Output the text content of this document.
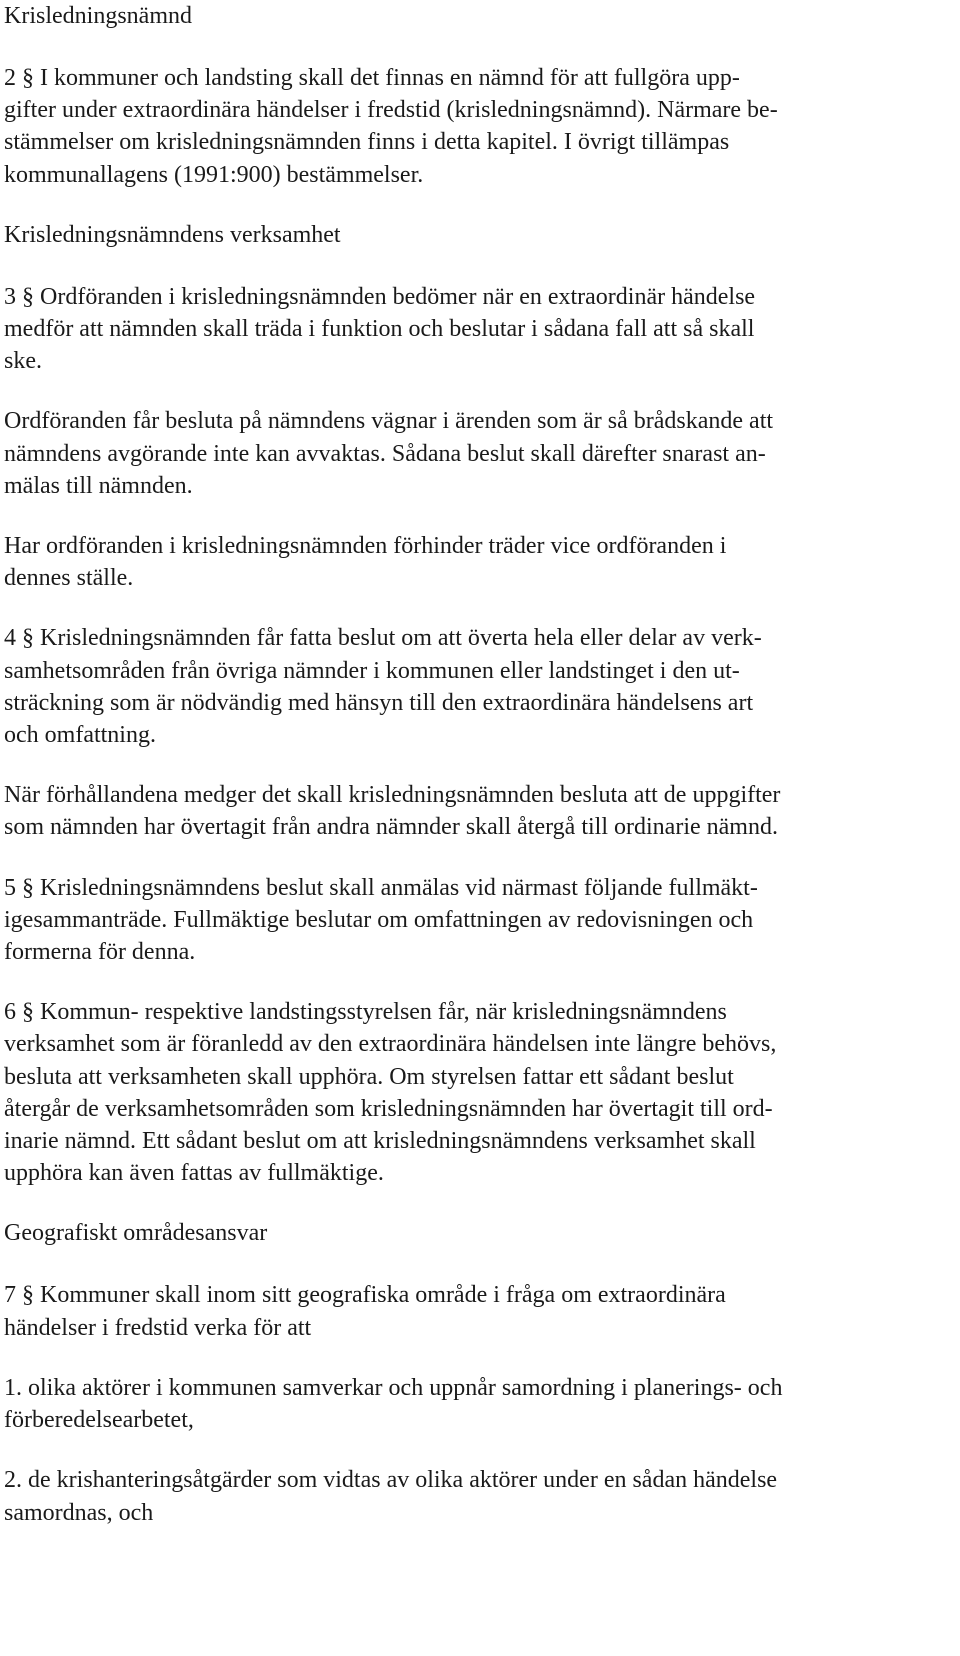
Krisledningsnämnd

2 § I kommuner och landsting skall det finnas en nämnd för att fullgöra upp-
gifter under extraordinära händelser i fredstid (krisledningsnämnd). Närmare be-
stämmelser om krisledningsnämnden finns i detta kapitel. I övrigt tillämpas
kommunallagens (1991:900) bestämmelser.

Krisledningsnämndens verksamhet

3 § Ordföranden i krisledningsnämnden bedömer när en extraordinär händelse
medför att nämnden skall träda i funktion och beslutar i sådana fall att så skall
ske.

Ordföranden får besluta på nämndens vägnar i ärenden som är så brådskande att
nämndens avgörande inte kan avvaktas. Sådana beslut skall därefter snarast an-
mälas till nämnden.

Har ordföranden i krisledningsnämnden förhinder träder vice ordföranden i
dennes ställe.

4 § Krisledningsnämnden får fatta beslut om att överta hela eller delar av verk-
samhetsområden från övriga nämnder i kommunen eller landstinget i den ut-
sträckning som är nödvändig med hänsyn till den extraordinära händelsens art
och omfattning.

När förhållandena medger det skall krisledningsnämnden besluta att de uppgifter
som nämnden har övertagit från andra nämnder skall återgå till ordinarie nämnd.

5 § Krisledningsnämndens beslut skall anmälas vid närmast följande fullmäkt-
igesammanträde. Fullmäktige beslutar om omfattningen av redovisningen och
formerna för denna.

6 § Kommun- respektive landstingsstyrelsen får, när krisledningsnämndens
verksamhet som är föranledd av den extraordinära händelsen inte längre behövs,
besluta att verksamheten skall upphöra. Om styrelsen fattar ett sådant beslut
återgår de verksamhetsområden som krisledningsnämnden har övertagit till ord-
inarie nämnd. Ett sådant beslut om att krisledningsnämndens verksamhet skall
upphöra kan även fattas av fullmäktige.

Geografiskt områdesansvar

7 § Kommuner skall inom sitt geografiska område i fråga om extraordinära
händelser i fredstid verka för att

1. olika aktörer i kommunen samverkar och uppnår samordning i planerings- och
förberedelsearbetet,

2. de krishanteringsåtgärder som vidtas av olika aktörer under en sådan händelse
samordnas, och
